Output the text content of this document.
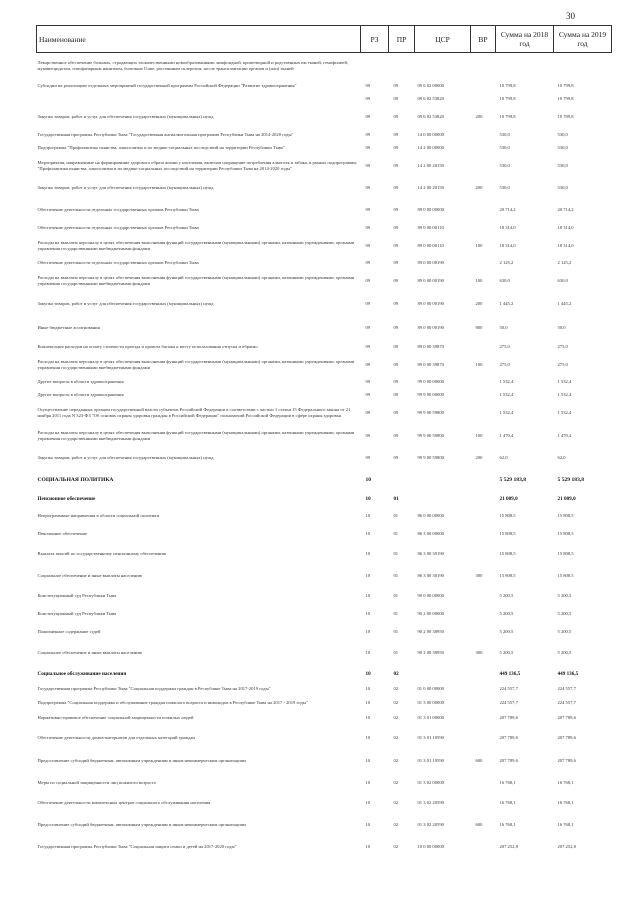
30
Наименование	РЗ	ПР	ЦСР	ВР	Сумма на 2018 год	Сумма на 2019 год
Лекарственное обеспечение больных, страдающих злокачественными новообразованиями лимфоидной, кроветворной и родственных им тканей, гемофилией, муковисцидозом, гипофизарным нанизмом, болезнью Гоше, рассеянным склерозом, после трансплантации органов и (или) тканей						
Субсидии на реализацию отдельных мероприятий государственной программы Российской Федерации "Развитие здравоохранения"	09	09	09 6 02 00000		10 799,8	10 799,8
	09	09	09 6 02 53820		10 799,8	10 799,8
Закупка товаров, работ и услуг для обеспечения государственных (муниципальных) нужд	09	09	09 6 02 53820	200	10 799,8	10 799,8
Государственная программа Республики Тыва "Государственная антиалкогольная программа Республики Тыва на 2014-2020 годы"	09	09	14 0 00 00000		530,0	530,0
Подпрограмма "Профилактика пьянства, алкоголизма и их медико-социальных последствий на территории Республики Тыва"	09	09	14 2 00 00000		530,0	530,0
Мероприятия, направленные на формирование здорового образа жизни у населения, включая сокращение потребления алкоголя и табака, в рамках подпрограммы "Профилактика пьянства, алкоголизма и их медико-социальных последствий на территории Республики Тыва на 2014-2020 годы"	09	09	14 2 00 20150		530,0	530,0
Закупка товаров, работ и услуг для обеспечения государственных (муниципальных) нужд	09	09	14 2 00 20150	200	530,0	530,0
Обеспечение деятельности отдельных государственных органов Республики Тыва	09	09	89 0 00 00000		20 714,2	20 714,2
Обеспечение деятельности отдельных государственных органов Республики Тыва	09	09	89 0 00 00110		18 314,0	18 314,0
Расходы на выплаты персоналу в целях обеспечения выполнения функций государственными (муниципальными) органами, казенными учреждениями, органами управления государственными внебюджетными фондами	09	09	89 0 00 00110	100	18 314,0	18 314,0
Обеспечение деятельности отдельных государственных органов Республики Тыва	09	09	89 0 00 00190		2 125,2	2 125,2
Расходы на выплаты персоналу в целях обеспечения выполнения функций государственными (муниципальными) органами, казенными учреждениями, органами управления государственными внебюджетными фондами	09	09	89 0 00 00190	100	630,0	630,0
Закупка товаров, работ и услуг для обеспечения государственных (муниципальных) нужд	09	09	89 0 00 00190	200	1 445,2	1 445,2
Иные бюджетные ассигнования	09	09	89 0 00 00190	800	50,0	50,0
Компенсация расходов на оплату стоимости проезда и провоза багажа к месту использования отпуска и обратно	09	09	89 0 00 39870		275,0	275,0
Расходы на выплаты персоналу в целях обеспечения выполнения функций государственными (муниципальными) органами, казенными учреждениями, органами управления государственными внебюджетными фондами	09	09	89 0 00 39870	100	275,0	275,0
Другие вопросы в области здравоохранения	09	09	99 0 00 00000		1 532,4	1 532,4
Другие вопросы в области здравоохранения	09	09	99 9 00 00000		1 532,4	1 532,4
Осуществление переданных органам государственной власти субъектов Российской Федерации в соответствии с частью 1 статьи 15 Федерального закона от 21 ноября 2011 года N 323-ФЗ "Об основах охраны здоровья граждан в Российской Федерации" полномочий Российской Федерации в сфере охраны здоровья	09	09	99 9 00 59800		1 532,4	1 532,4
Расходы на выплаты персоналу в целях обеспечения выполнения функций государственными (муниципальными) органами, казенными учреждениями, органами управления государственными внебюджетными фондами	09	09	99 9 00 59800	100	1 470,4	1 470,4
Закупка товаров, работ и услуг для обеспечения государственных (муниципальных) нужд	09	09	99 9 00 59800	200	62,0	62,0
СОЦИАЛЬНАЯ ПОЛИТИКА	10				5 529 183,8	5 529 183,8
Пенсионное обеспечение	10	01			21 009,0	21 009,0
Непрограммные направления в области социальной политики	10	01	86 0 00 00000		15 808,5	15 808,5
Пенсионное обеспечение	10	01	86 3 00 00000		15 808,5	15 808,5
Выплата пенсий по государственному пенсионному обеспечению	10	01	86 3 00 30190		15 808,5	15 808,5
Социальное обеспечение и иные выплаты населению	10	01	86 3 00 30190	300	15 808,5	15 808,5
Конституционный суд Республики Тыва	10	01	90 0 00 00000		5 200,5	5 200,5
Конституционный суд Республики Тыва	10	01	90 2 00 00000		5 200,5	5 200,5
Пожизненное содержание судей	10	01	90 2 00 38950		5 200,5	5 200,5
Социальное обеспечение и иные выплаты населению	10	01	90 2 00 38950	300	5 200,5	5 200,5
Социальное обслуживание населения	10	02			449 136,5	449 136,5
Государственная программа Республики Тыва "Социальная поддержка граждан в Республике Тыва на 2017-2019 годы"	10	02	01 0 00 00000		224 557,7	224 557,7
Подпрограмма "Социальная поддержка и обслуживание граждан пожилого возраста и инвалидов в Республике Тыва на 2017 - 2019 годы"	10	02	01 3 00 00000		224 557,7	224 557,7
Нормативно-правовое обеспечение социальной защищенности пожилых людей	10	02	01 3 01 00000		207 789,6	207 789,6
Обеспечение деятельности домов-интернатов для отдельных категорий граждан	10	02	01 3 01 10590		207 789,6	207 789,6
Предоставление субсидий бюджетным, автономным учреждениям и иным некоммерческим организациям	10	02	01 3 01 10590	600	207 789,6	207 789,6
Меры по социальной защищенности лиц пожилого возраста	10	02	01 3 02 00000		16 768,1	16 768,1
Обеспечение деятельности комплексных центров социального обслуживания населения	10	02	01 3 02 20590		16 768,1	16 768,1
Предоставление субсидий бюджетным, автономным учреждениям и иным некоммерческим организациям	10	02	01 3 02 20590	600	16 768,1	16 768,1
Государственная программа Республики Тыва "Социальная защита семьи и детей на 2017-2020 годы"	10	02	10 0 00 00000		207 252,8	207 252,8
